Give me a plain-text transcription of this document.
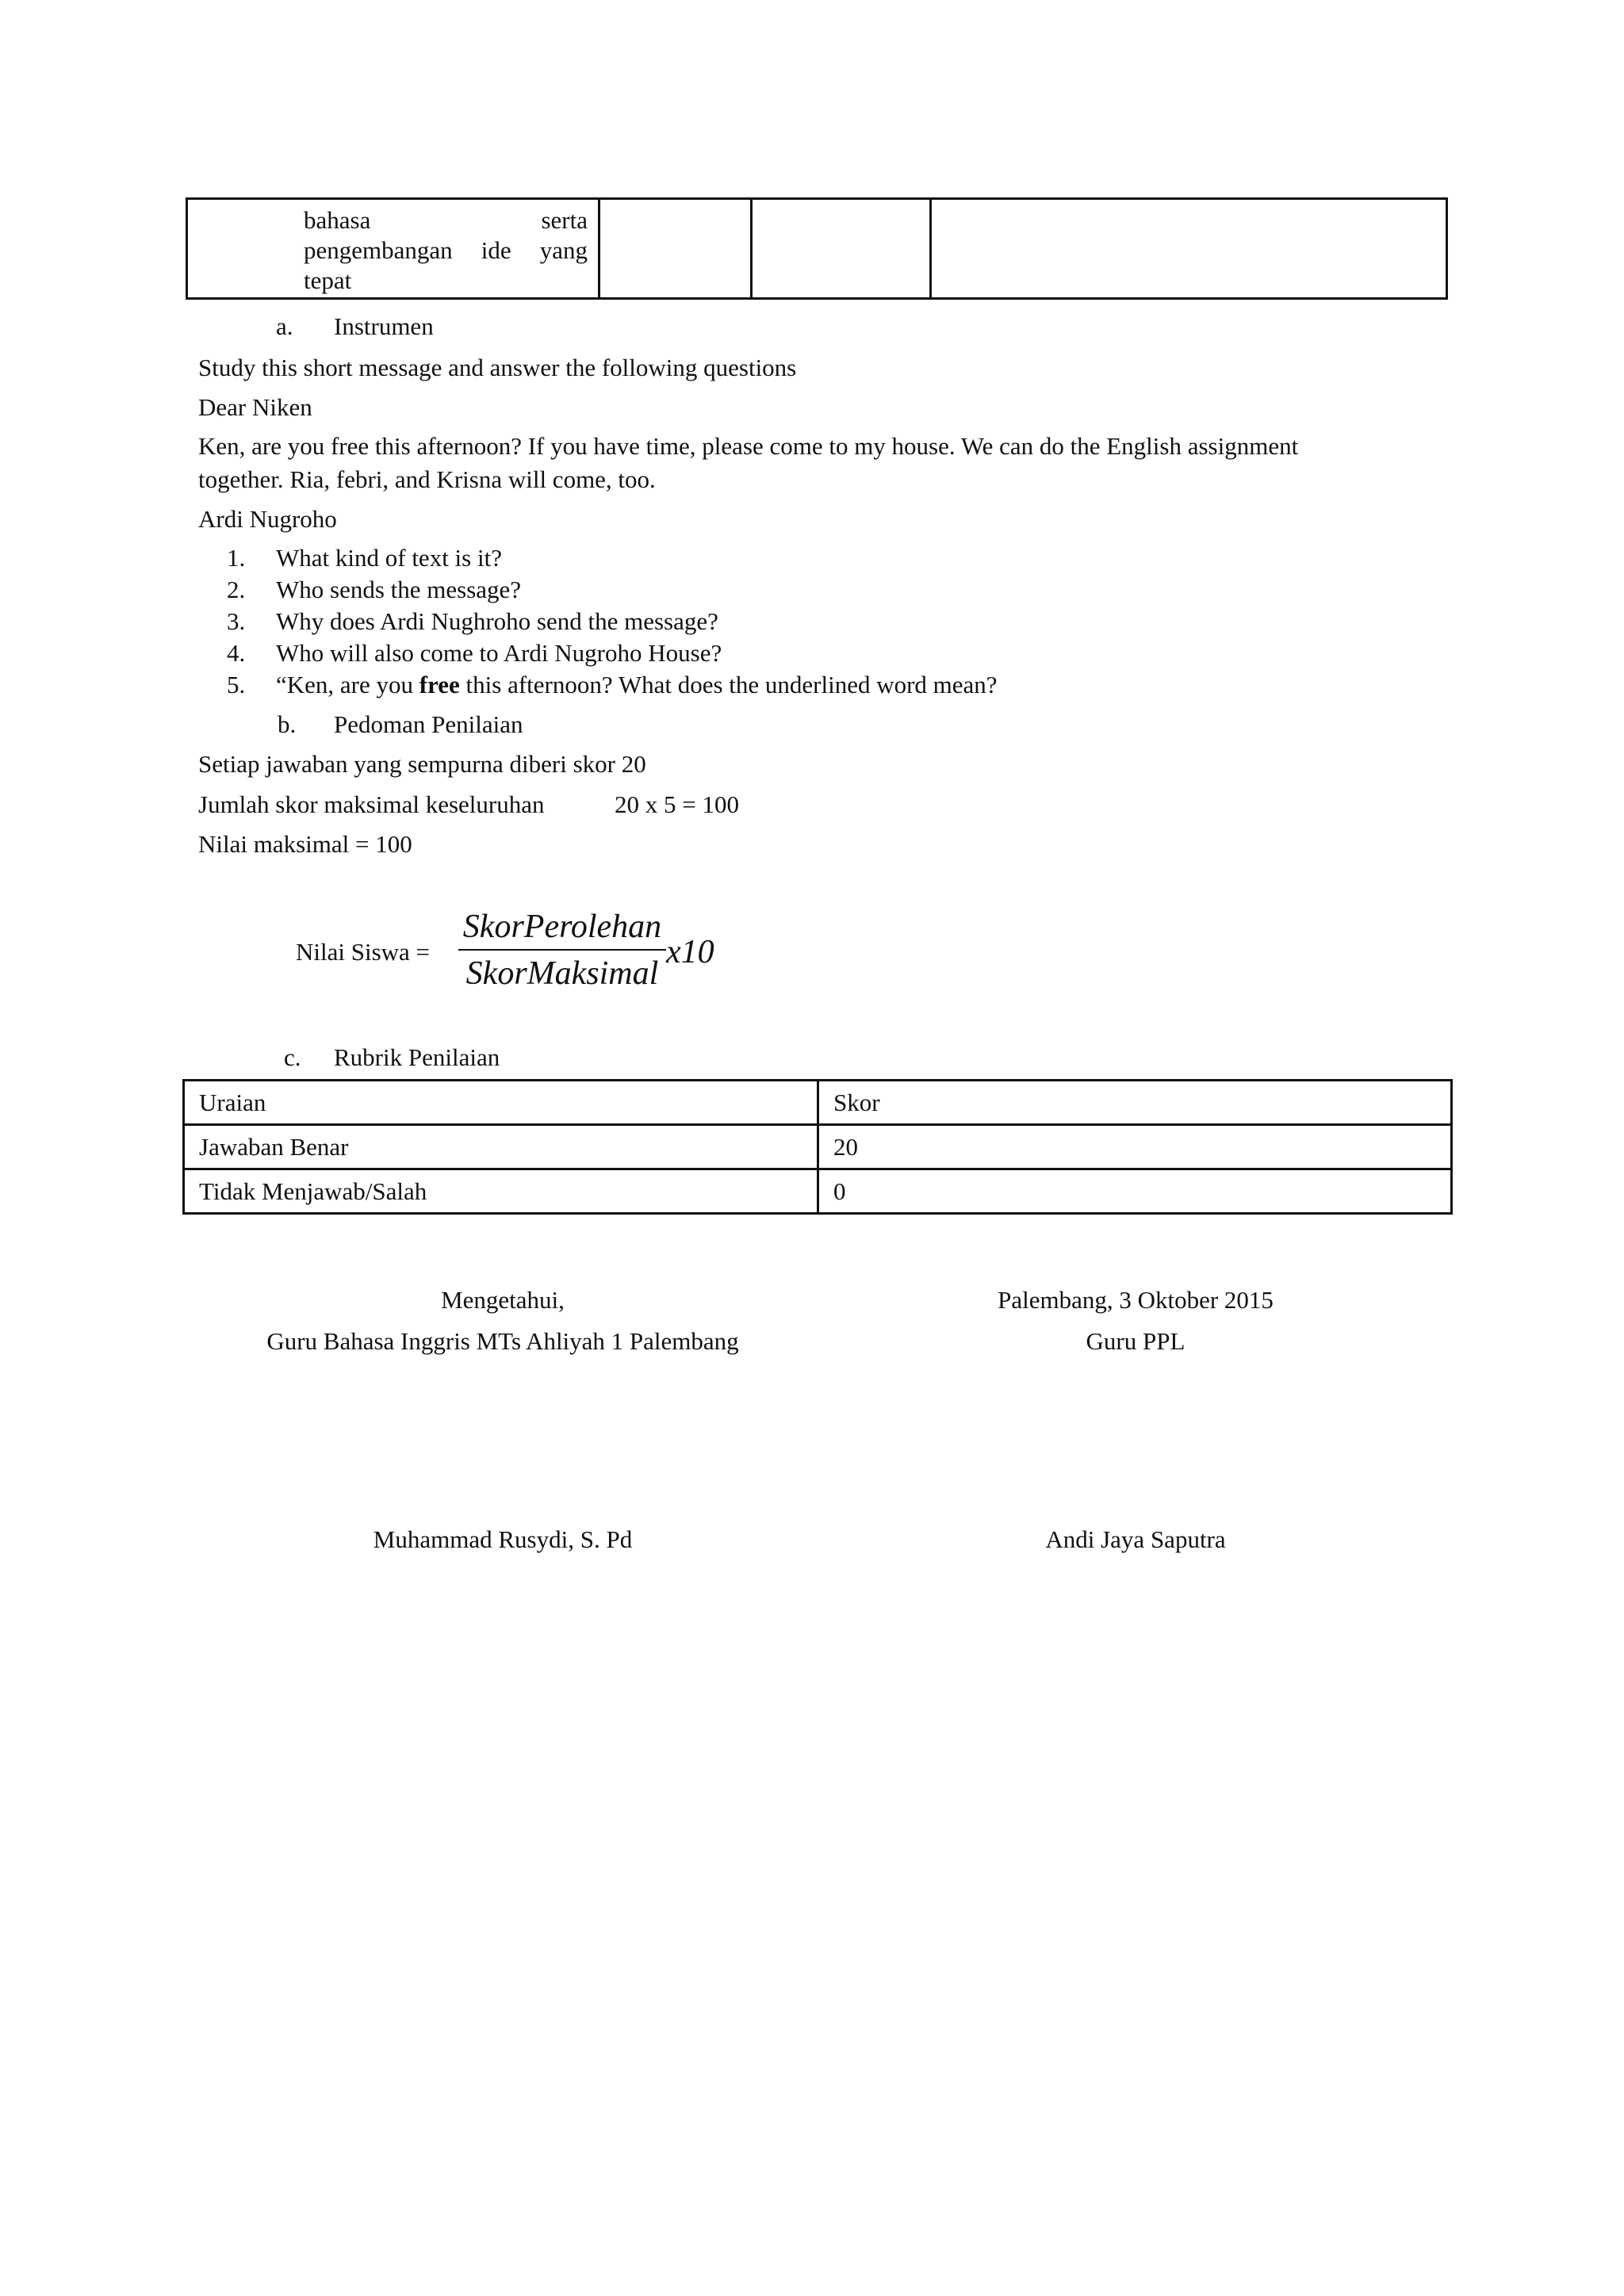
bahasa	serta
pengembangan ide yang
tepat
a. Instrumen
Study this short message and answer the following questions
Dear Niken
Ken, are you free this afternoon? If you have time, please come to my house. We can do the English assignment
together. Ria, febri, and Krisna will come, too.
Ardi Nugroho
1.	What kind of text is it?
2.	Who sends the message?
3.	Why does Ardi Nughroho send the message?
4.	Who will also come to Ardi Nugroho House?
5.	“Ken, are you free this afternoon? What does the underlined word mean?
b. Pedoman Penilaian
Setiap jawaban yang sempurna diberi skor 20
Jumlah skor maksimal keseluruhan	20 x 5 = 100
Nilai maksimal = 100
Nilai Siswa =
SkorPerolehan
SkorMaksimal
x10
c. Rubrik Penilaian
Uraian	Skor
Jawaban Benar	20
Tidak Menjawab/Salah	0
Mengetahui,
Guru Bahasa Inggris MTs Ahliyah 1 Palembang
Muhammad Rusydi, S. Pd
Palembang, 3 Oktober 2015
Guru PPL
Andi Jaya Saputra
